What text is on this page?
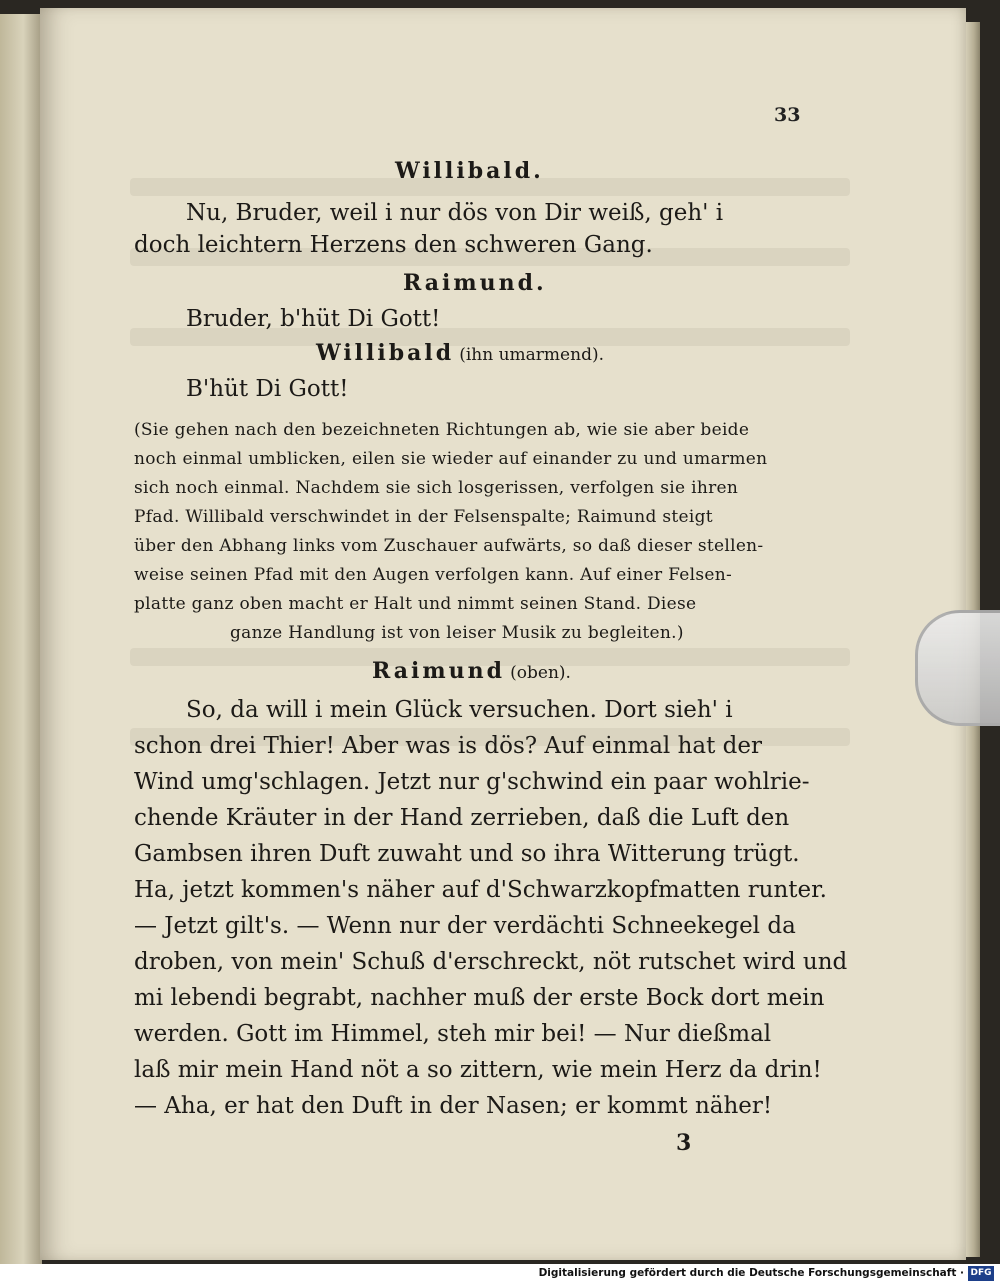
33
Willibald.
Nu, Bruder, weil i nur dös von Dir weiß, geh' i
doch leichtern Herzens den schweren Gang.
Raimund.
Bruder, b'hüt Di Gott!
Willibald (ihn umarmend).
B'hüt Di Gott!
(Sie gehen nach den bezeichneten Richtungen ab, wie sie aber beide
noch einmal umblicken, eilen sie wieder auf einander zu und umarmen
sich noch einmal. Nachdem sie sich losgerissen, verfolgen sie ihren
Pfad. Willibald verschwindet in der Felsenspalte; Raimund steigt
über den Abhang links vom Zuschauer aufwärts, so daß dieser stellen-
weise seinen Pfad mit den Augen verfolgen kann. Auf einer Felsen-
platte ganz oben macht er Halt und nimmt seinen Stand. Diese
ganze Handlung ist von leiser Musik zu begleiten.)
Raimund (oben).
So, da will i mein Glück versuchen. Dort sieh' i
schon drei Thier! Aber was is dös? Auf einmal hat der
Wind umg'schlagen. Jetzt nur g'schwind ein paar wohlrie-
chende Kräuter in der Hand zerrieben, daß die Luft den
Gambsen ihren Duft zuwaht und so ihra Witterung trügt.
Ha, jetzt kommen's näher auf d'Schwarzkopfmatten runter.
— Jetzt gilt's. — Wenn nur der verdächti Schneekegel da
droben, von mein' Schuß d'erschreckt, nöt rutschet wird und
mi lebendi begrabt, nachher muß der erste Bock dort mein
werden. Gott im Himmel, steh mir bei! — Nur dießmal
laß mir mein Hand nöt a so zittern, wie mein Herz da drin!
— Aha, er hat den Duft in der Nasen; er kommt näher!
3
Digitalisierung gefördert durch die Deutsche Forschungsgemeinschaft · DFG
